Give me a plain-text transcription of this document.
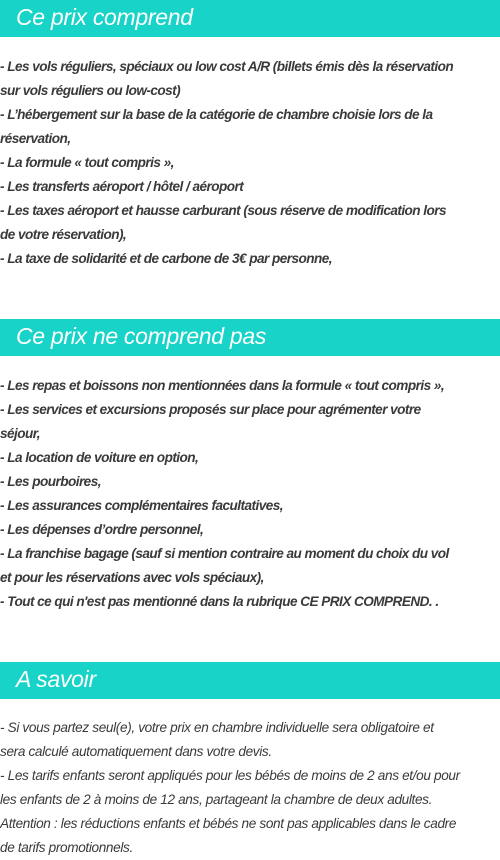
Ce prix comprend
- Les vols réguliers, spéciaux ou low cost A/R (billets émis dès la réservation
sur vols réguliers ou low-cost)
- L’hébergement sur la base de la catégorie de chambre choisie lors de la
réservation,
- La formule « tout compris »,
- Les transferts aéroport / hôtel / aéroport
- Les taxes aéroport et hausse carburant (sous réserve de modification lors
de votre réservation),
- La taxe de solidarité et de carbone de 3€ par personne,
Ce prix ne comprend pas
- Les repas et boissons non mentionnées dans la formule « tout compris »,
- Les services et excursions proposés sur place pour agrémenter votre
séjour,
- La location de voiture en option,
- Les pourboires,
- Les assurances complémentaires facultatives,
- Les dépenses d’ordre personnel,
- La franchise bagage (sauf si mention contraire au moment du choix du vol
et pour les réservations avec vols spéciaux),
- Tout ce qui n'est pas mentionné dans la rubrique CE PRIX COMPREND. .
A savoir
- Si vous partez seul(e), votre prix en chambre individuelle sera obligatoire et
sera calculé automatiquement dans votre devis.
- Les tarifs enfants seront appliqués pour les bébés de moins de 2 ans et/ou pour
les enfants de 2 à moins de 12 ans, partageant la chambre de deux adultes.
Attention : les réductions enfants et bébés ne sont pas applicables dans le cadre
de tarifs promotionnels.
